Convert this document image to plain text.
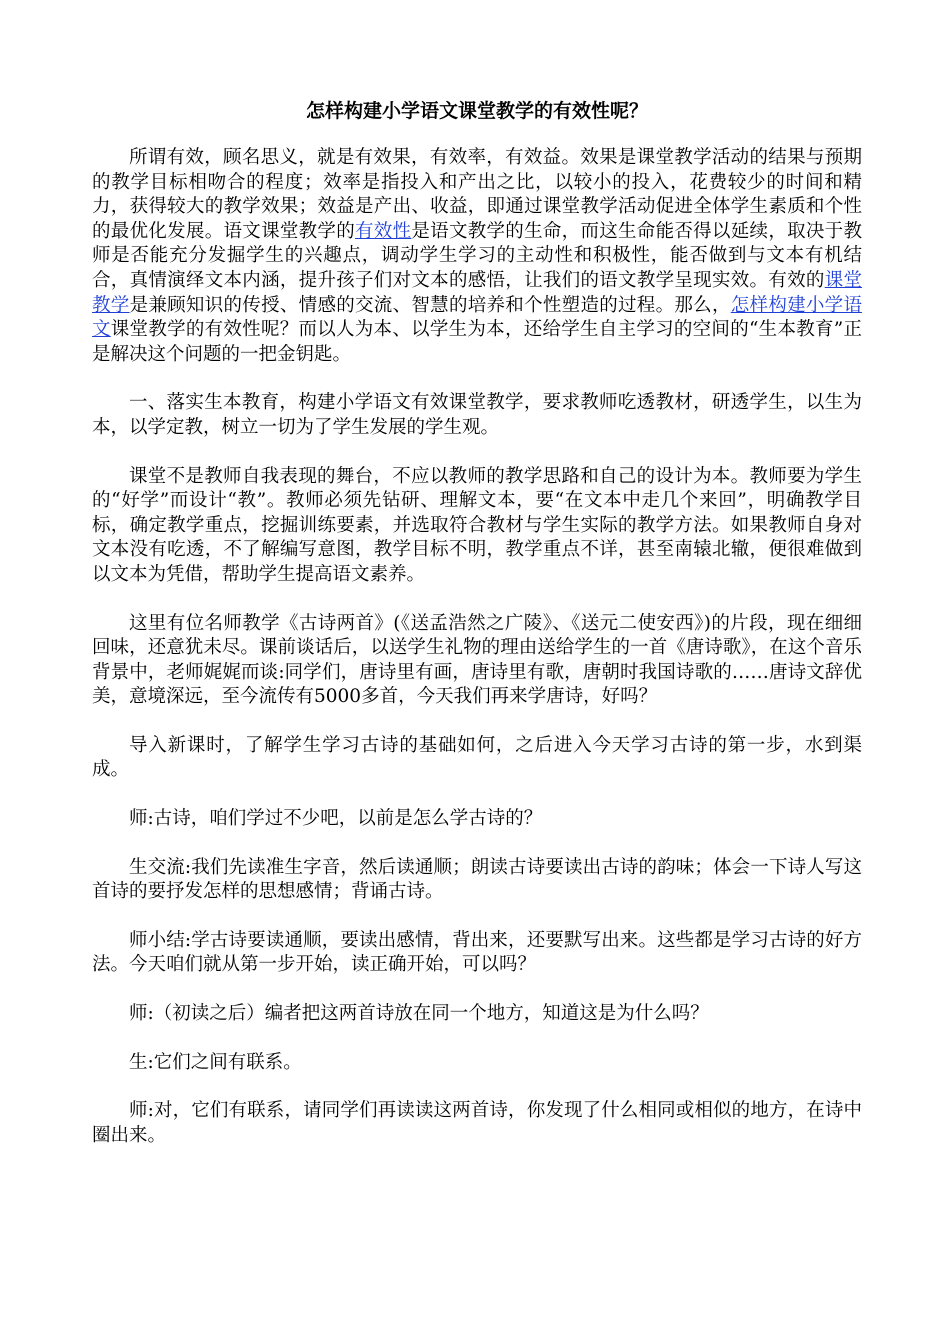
怎样构建小学语文课堂教学的有效性呢？

所谓有效，顾名思义，就是有效果，有效率，有效益。效果是课堂教学活动的结果与预期的教学目标相吻合的程度；效率是指投入和产出之比，以较小的投入，花费较少的时间和精力，获得较大的教学效果；效益是产出、收益，即通过课堂教学活动促进全体学生素质和个性的最优化发展。语文课堂教学的有效性是语文教学的生命，而这生命能否得以延续，取决于教师是否能充分发掘学生的兴趣点，调动学生学习的主动性和积极性，能否做到与文本有机结合，真情演绎文本内涵，提升孩子们对文本的感悟，让我们的语文教学呈现实效。有效的课堂教学是兼顾知识的传授、情感的交流、智慧的培养和个性塑造的过程。那么，怎样构建小学语文课堂教学的有效性呢？而以人为本、以学生为本，还给学生自主学习的空间的“生本教育”正是解决这个问题的一把金钥匙。

一、落实生本教育，构建小学语文有效课堂教学，要求教师吃透教材，研透学生，以生为本，以学定教，树立一切为了学生发展的学生观。

课堂不是教师自我表现的舞台，不应以教师的教学思路和自己的设计为本。教师要为学生的“好学”而设计“教”。教师必须先钻研、理解文本，要“在文本中走几个来回”，明确教学目标，确定教学重点，挖掘训练要素，并选取符合教材与学生实际的教学方法。如果教师自身对文本没有吃透，不了解编写意图，教学目标不明，教学重点不详，甚至南辕北辙，便很难做到以文本为凭借，帮助学生提高语文素养。

这里有位名师教学《古诗两首》(《送孟浩然之广陵》、《送元二使安西》)的片段，现在细细回味，还意犹未尽。课前谈话后，以送学生礼物的理由送给学生的一首《唐诗歌》，在这个音乐背景中，老师娓娓而谈:同学们，唐诗里有画，唐诗里有歌，唐朝时我国诗歌的……唐诗文辞优美，意境深远，至今流传有5000多首，今天我们再来学唐诗，好吗？

导入新课时，了解学生学习古诗的基础如何，之后进入今天学习古诗的第一步，水到渠成。

师:古诗，咱们学过不少吧，以前是怎么学古诗的？

生交流:我们先读准生字音，然后读通顺；朗读古诗要读出古诗的韵味；体会一下诗人写这首诗的要抒发怎样的思想感情；背诵古诗。

师小结:学古诗要读通顺，要读出感情，背出来，还要默写出来。这些都是学习古诗的好方法。今天咱们就从第一步开始，读正确开始，可以吗？

师:（初读之后）编者把这两首诗放在同一个地方，知道这是为什么吗？

生:它们之间有联系。

师:对，它们有联系，请同学们再读读这两首诗，你发现了什么相同或相似的地方，在诗中圈出来。
